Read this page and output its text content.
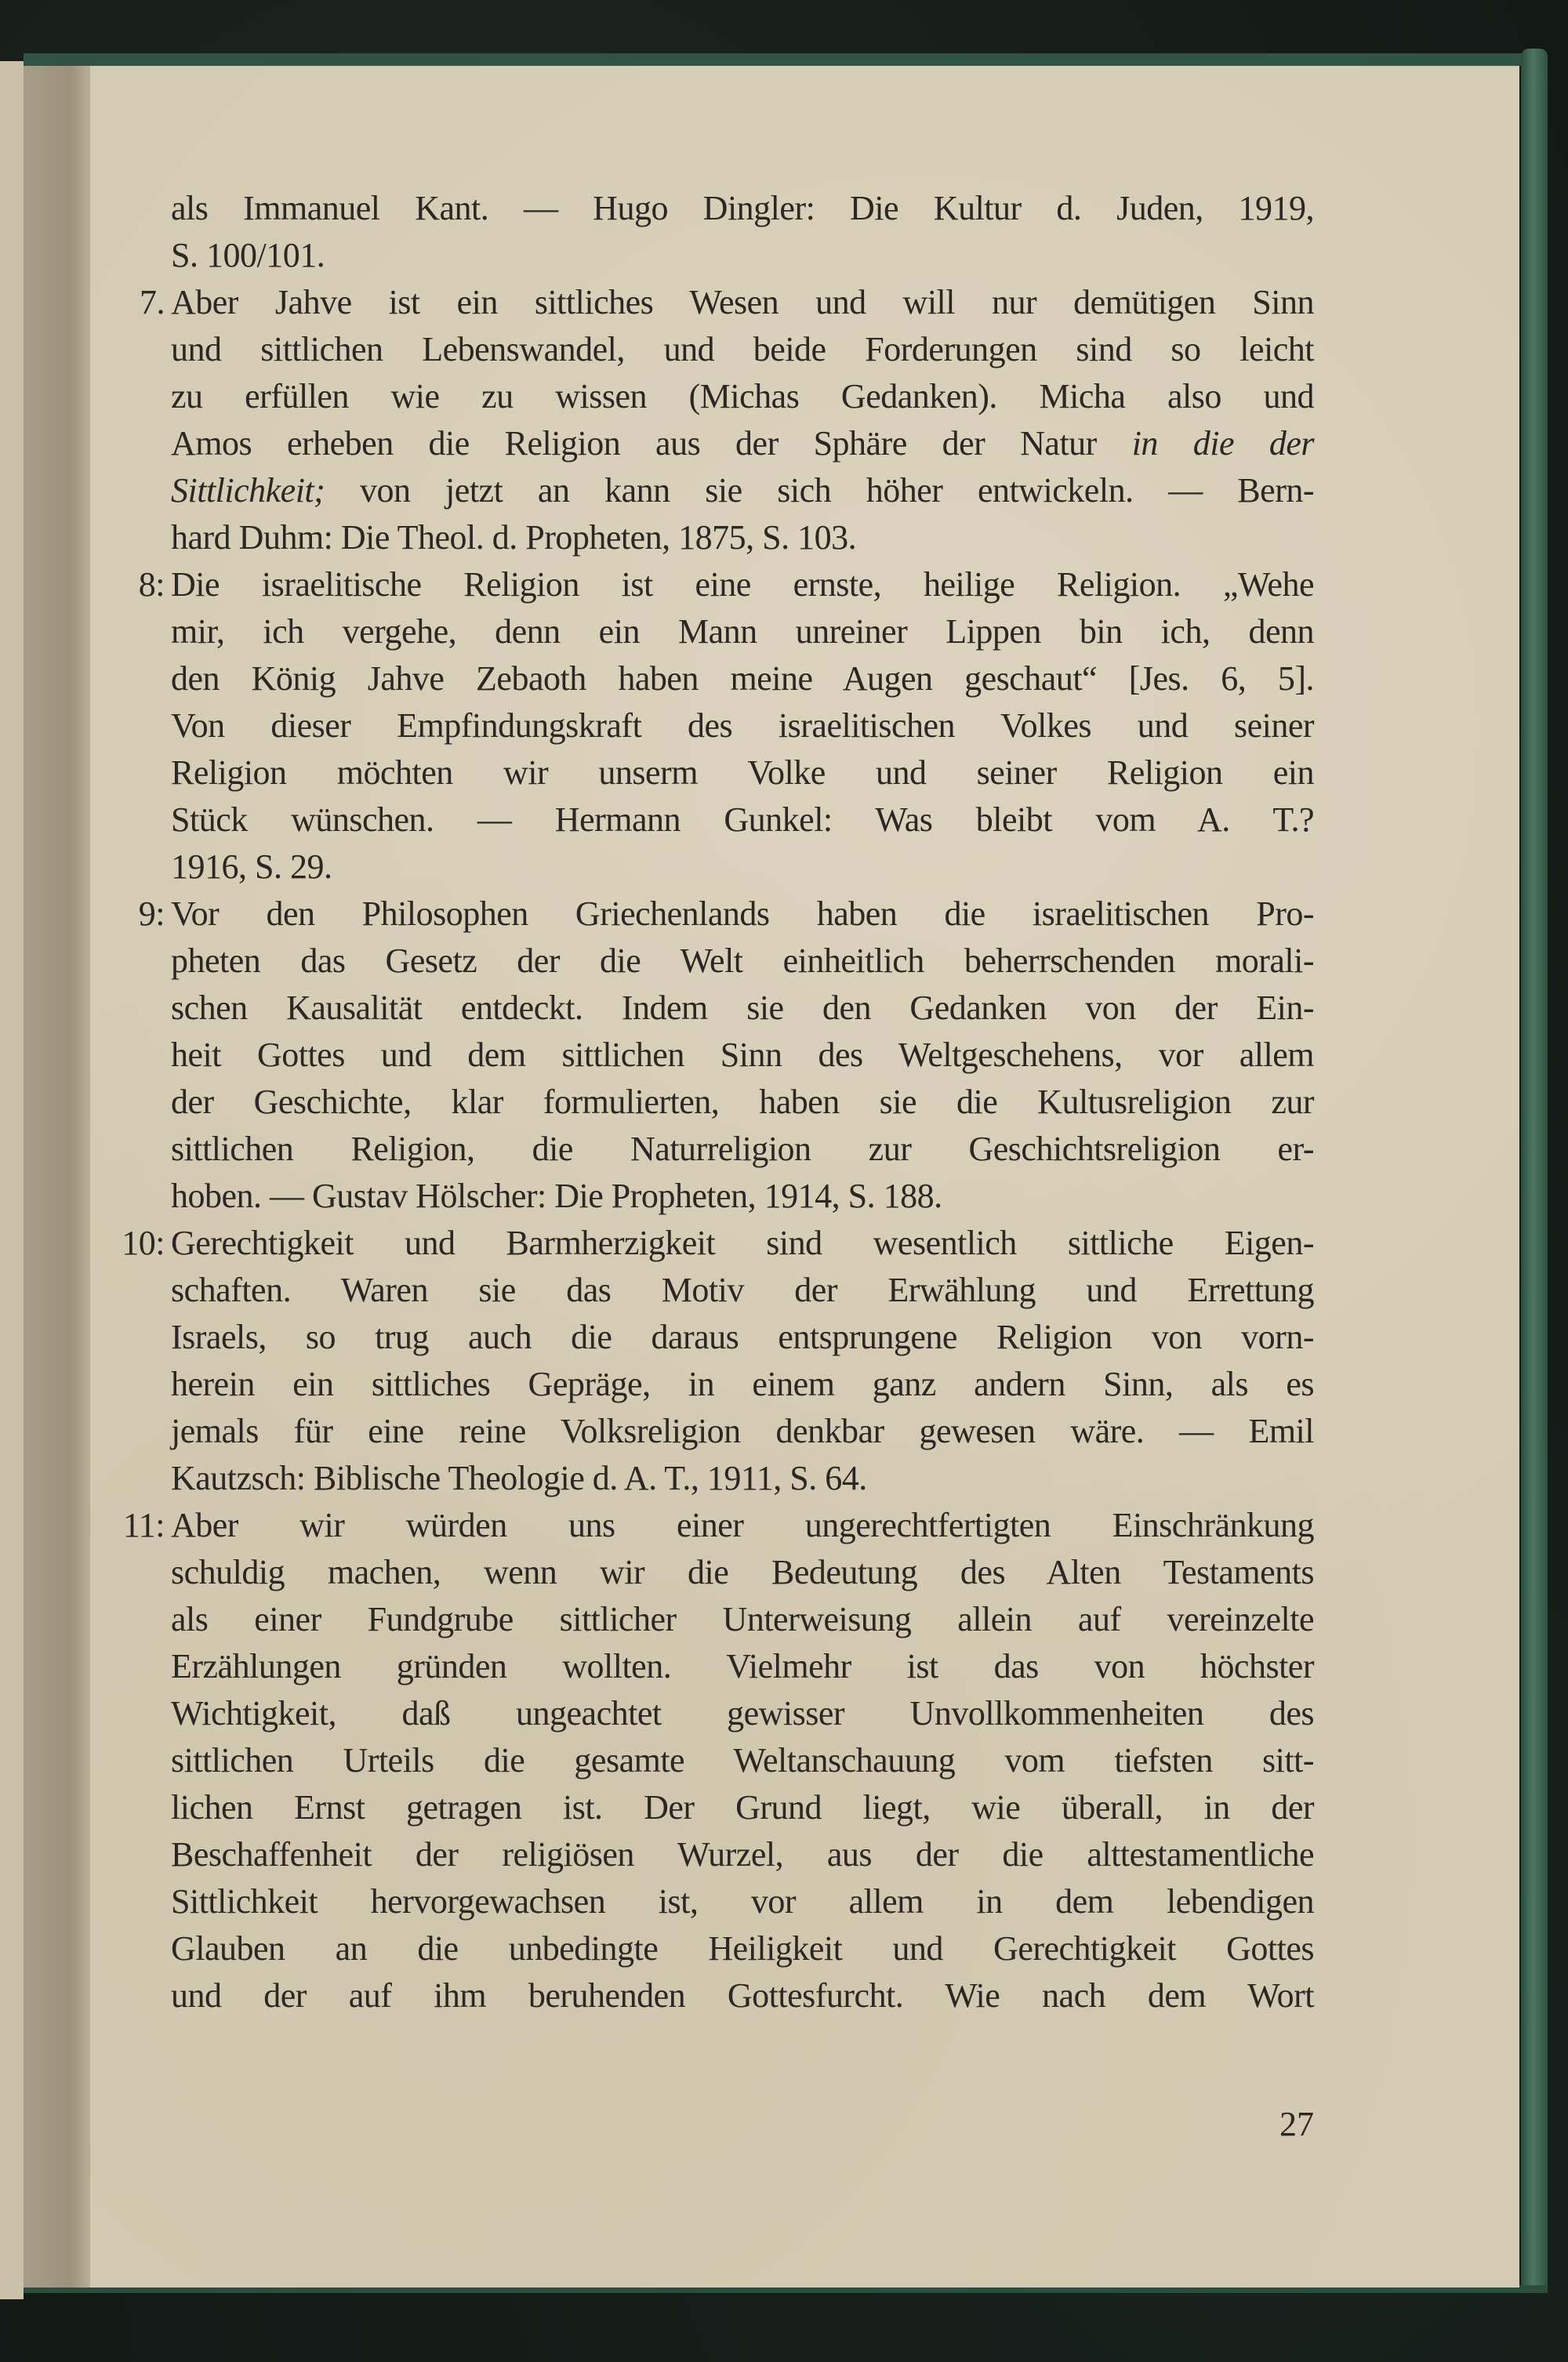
als Immanuel Kant. — Hugo Dingler: Die Kultur d. Juden, 1919,
S. 100/101.
7. Aber Jahve ist ein sittliches Wesen und will nur demütigen Sinn
und sittlichen Lebenswandel, und beide Forderungen sind so leicht
zu erfüllen wie zu wissen (Michas Gedanken). Micha also und
Amos erheben die Religion aus der Sphäre der Natur in die der
Sittlichkeit; von jetzt an kann sie sich höher entwickeln. — Bern-
hard Duhm: Die Theol. d. Propheten, 1875, S. 103.
8: Die israelitische Religion ist eine ernste, heilige Religion. „Wehe
mir, ich vergehe, denn ein Mann unreiner Lippen bin ich, denn
den König Jahve Zebaoth haben meine Augen geschaut“ [Jes. 6, 5].
Von dieser Empfindungskraft des israelitischen Volkes und seiner
Religion möchten wir unserm Volke und seiner Religion ein
Stück wünschen. — Hermann Gunkel: Was bleibt vom A. T.?
1916, S. 29.
9: Vor den Philosophen Griechenlands haben die israelitischen Pro-
pheten das Gesetz der die Welt einheitlich beherrschenden morali-
schen Kausalität entdeckt. Indem sie den Gedanken von der Ein-
heit Gottes und dem sittlichen Sinn des Weltgeschehens, vor allem
der Geschichte, klar formulierten, haben sie die Kultusreligion zur
sittlichen Religion, die Naturreligion zur Geschichtsreligion er-
hoben. — Gustav Hölscher: Die Propheten, 1914, S. 188.
10: Gerechtigkeit und Barmherzigkeit sind wesentlich sittliche Eigen-
schaften. Waren sie das Motiv der Erwählung und Errettung
Israels, so trug auch die daraus entsprungene Religion von vorn-
herein ein sittliches Gepräge, in einem ganz andern Sinn, als es
jemals für eine reine Volksreligion denkbar gewesen wäre. — Emil
Kautzsch: Biblische Theologie d. A. T., 1911, S. 64.
11: Aber wir würden uns einer ungerechtfertigten Einschränkung
schuldig machen, wenn wir die Bedeutung des Alten Testaments
als einer Fundgrube sittlicher Unterweisung allein auf vereinzelte
Erzählungen gründen wollten. Vielmehr ist das von höchster
Wichtigkeit, daß ungeachtet gewisser Unvollkommenheiten des
sittlichen Urteils die gesamte Weltanschauung vom tiefsten sitt-
lichen Ernst getragen ist. Der Grund liegt, wie überall, in der
Beschaffenheit der religiösen Wurzel, aus der die alttestamentliche
Sittlichkeit hervorgewachsen ist, vor allem in dem lebendigen
Glauben an die unbedingte Heiligkeit und Gerechtigkeit Gottes
und der auf ihm beruhenden Gottesfurcht. Wie nach dem Wort
27
